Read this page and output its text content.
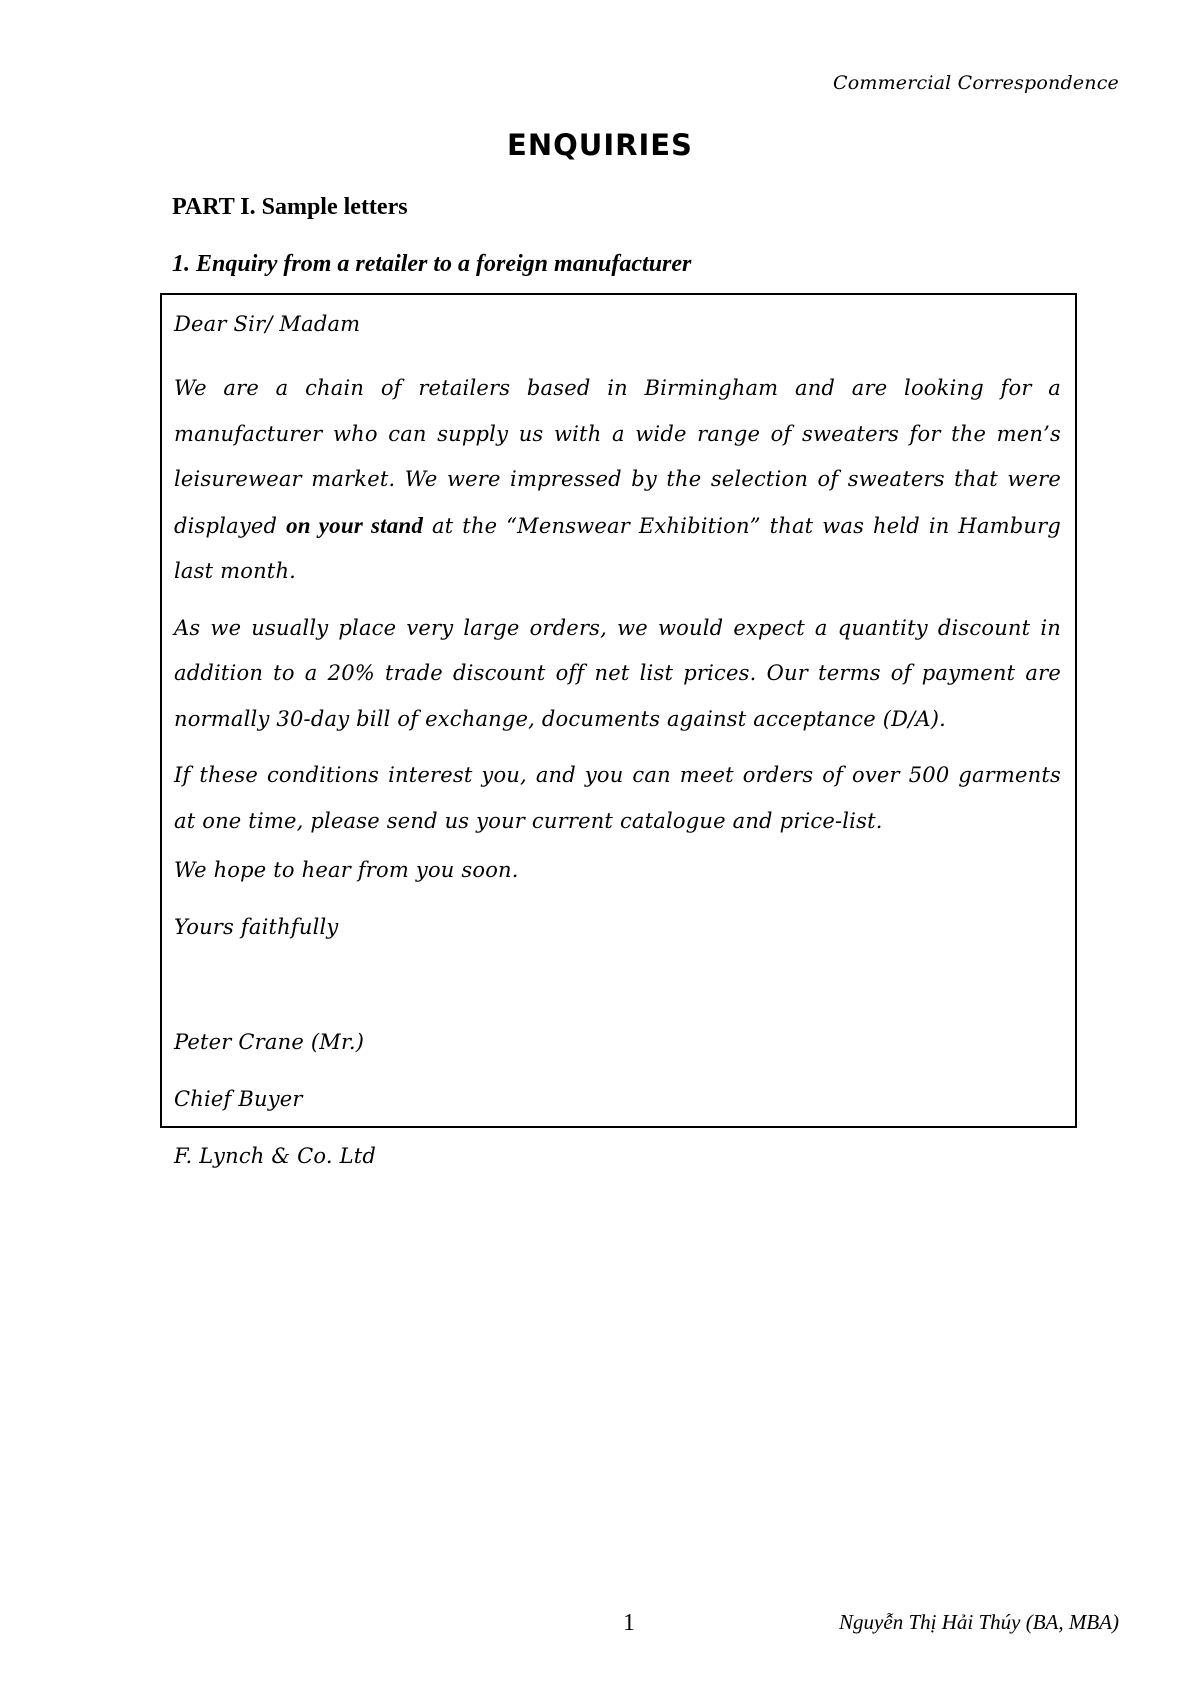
Commercial Correspondence
ENQUIRIES
PART I. Sample letters
1. Enquiry from a retailer to a foreign manufacturer

Dear Sir/ Madam

We are a chain of retailers based in Birmingham and are looking for a manufacturer who can supply us with a wide range of sweaters for the men’s leisurewear market. We were impressed by the selection of sweaters that were displayed on your stand at the “Menswear Exhibition” that was held in Hamburg last month.

As we usually place very large orders, we would expect a quantity discount in addition to a 20% trade discount off net list prices. Our terms of payment are normally 30-day bill of exchange, documents against acceptance (D/A).

If these conditions interest you, and you can meet orders of over 500 garments at one time, please send us your current catalogue and price-list.

We hope to hear from you soon.

Yours faithfully

Peter Crane (Mr.)

Chief Buyer

F. Lynch & Co. Ltd

1	Nguyễn Thị Hải Thúy (BA, MBA)
